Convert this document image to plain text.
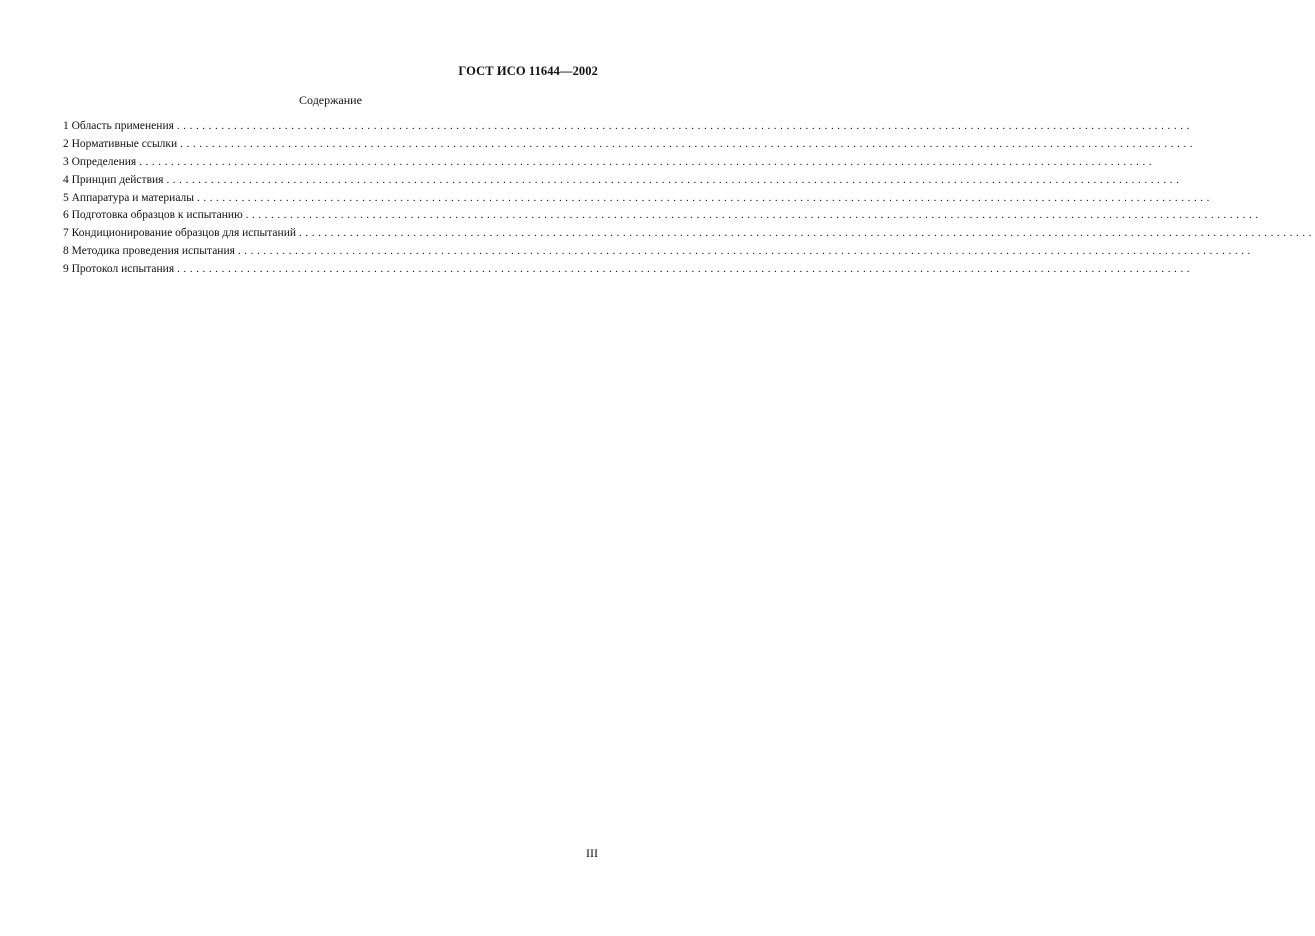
ГОСТ ИСО 11644—2002
Содержание
1 Область применения ................................................................................................................................................................
2 Нормативные ссылки ................................................................................................................................................................
3 Определения ................................................................................................................................................................
4 Принцип действия ................................................................................................................................................................
5 Аппаратура и материалы ................................................................................................................................................................
6 Подготовка образцов к испытанию ................................................................................................................................................................
7 Кондиционирование образцов для испытаний ................................................................................................................................................................
8 Методика проведения испытания ................................................................................................................................................................
9 Протокол испытания ................................................................................................................................................................
III
